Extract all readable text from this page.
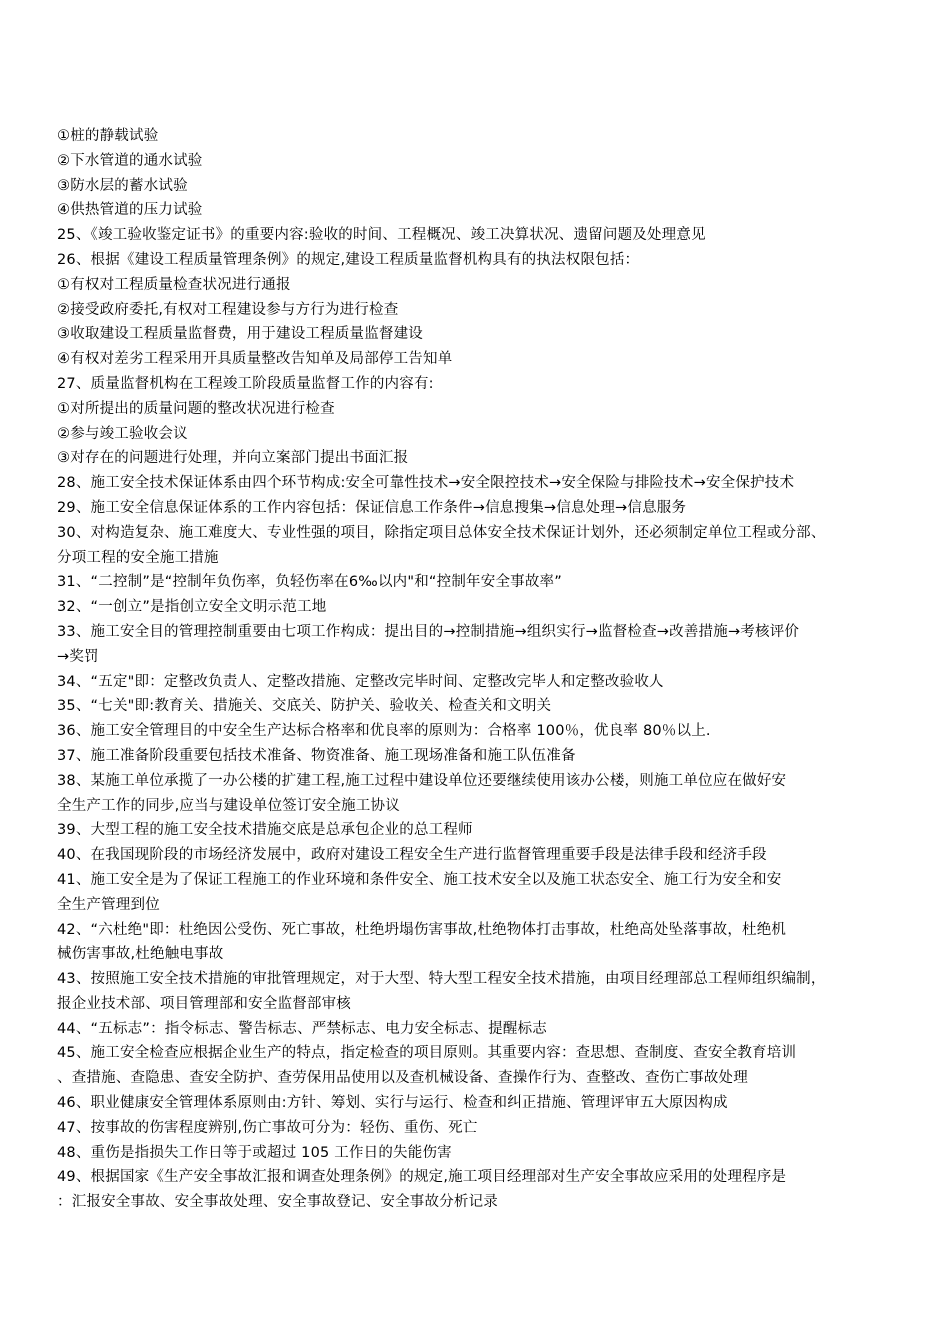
①桩的静载试验
②下水管道的通水试验
③防水层的蓄水试验
④供热管道的压力试验
25、《竣工验收鉴定证书》的重要内容:验收的时间、工程概况、竣工决算状况、遗留问题及处理意见
26、根据《建设工程质量管理条例》的规定,建设工程质量监督机构具有的执法权限包括：
①有权对工程质量检查状况进行通报
②接受政府委托,有权对工程建设参与方行为进行检查
③收取建设工程质量监督费，用于建设工程质量监督建设
④有权对差劣工程采用开具质量整改告知单及局部停工告知单
27、质量监督机构在工程竣工阶段质量监督工作的内容有:
①对所提出的质量问题的整改状况进行检查
②参与竣工验收会议
③对存在的问题进行处理，并向立案部门提出书面汇报
28、施工安全技术保证体系由四个环节构成:安全可靠性技术→安全限控技术→安全保险与排险技术→安全保护技术
29、施工安全信息保证体系的工作内容包括：保证信息工作条件→信息搜集→信息处理→信息服务
30、对构造复杂、施工难度大、专业性强的项目，除指定项目总体安全技术保证计划外，还必须制定单位工程或分部、
分项工程的安全施工措施
31、“二控制”是“控制年负伤率，负轻伤率在6‰以内"和“控制年安全事故率”
32、“一创立”是指创立安全文明示范工地
33、施工安全目的管理控制重要由七项工作构成：提出目的→控制措施→组织实行→监督检查→改善措施→考核评价
→奖罚
34、“五定"即：定整改负责人、定整改措施、定整改完毕时间、定整改完毕人和定整改验收人
35、“七关"即:教育关、措施关、交底关、防护关、验收关、检查关和文明关
36、施工安全管理目的中安全生产达标合格率和优良率的原则为：合格率 100％，优良率 80％以上.
37、施工准备阶段重要包括技术准备、物资准备、施工现场准备和施工队伍准备
38、某施工单位承揽了一办公楼的扩建工程,施工过程中建设单位还要继续使用该办公楼，则施工单位应在做好安
全生产工作的同步,应当与建设单位签订安全施工协议
39、大型工程的施工安全技术措施交底是总承包企业的总工程师
40、在我国现阶段的市场经济发展中，政府对建设工程安全生产进行监督管理重要手段是法律手段和经济手段
41、施工安全是为了保证工程施工的作业环境和条件安全、施工技术安全以及施工状态安全、施工行为安全和安
全生产管理到位
42、“六杜绝"即：杜绝因公受伤、死亡事故，杜绝坍塌伤害事故,杜绝物体打击事故，杜绝高处坠落事故，杜绝机
械伤害事故,杜绝触电事故
43、按照施工安全技术措施的审批管理规定，对于大型、特大型工程安全技术措施，由项目经理部总工程师组织编制，
报企业技术部、项目管理部和安全监督部审核
44、“五标志”：指令标志、警告标志、严禁标志、电力安全标志、提醒标志
45、施工安全检查应根据企业生产的特点，指定检查的项目原则。其重要内容：查思想、查制度、查安全教育培训
、查措施、查隐患、查安全防护、查劳保用品使用以及查机械设备、查操作行为、查整改、查伤亡事故处理
46、职业健康安全管理体系原则由:方针、筹划、实行与运行、检查和纠正措施、管理评审五大原因构成
47、按事故的伤害程度辨别,伤亡事故可分为：轻伤、重伤、死亡
48、重伤是指损失工作日等于或超过 105 工作日的失能伤害
49、根据国家《生产安全事故汇报和调查处理条例》的规定,施工项目经理部对生产安全事故应采用的处理程序是
：汇报安全事故、安全事故处理、安全事故登记、安全事故分析记录
